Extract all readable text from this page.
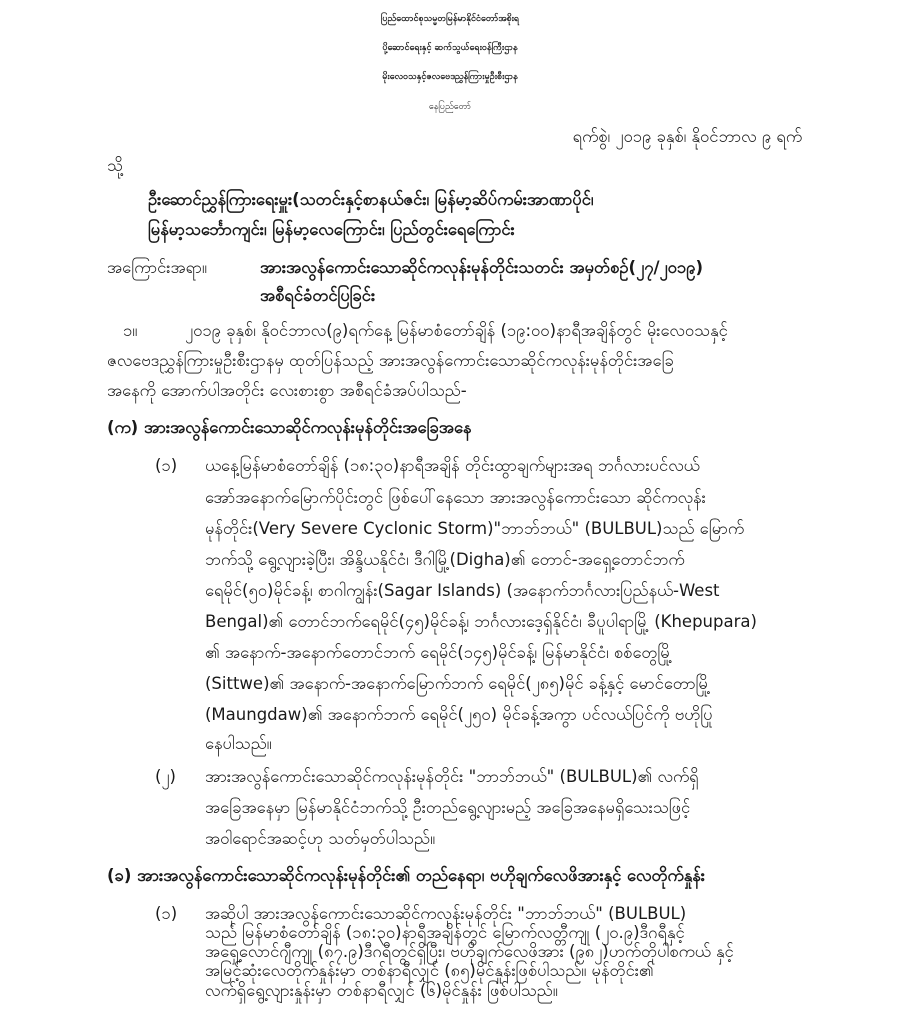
ပြည်ထောင်စုသမ္မတမြန်မာနိုင်ငံတော်အစိုးရ
ပို့ဆောင်ရေးနှင့် ဆက်သွယ်ရေးဝန်ကြီးဌာန
မိုးလေဝသနှင့်ဇလဗေဒညွှန်ကြားမှုဦးစီးဌာန
နေပြည်တော်
ရက်စွဲ၊ ၂၀၁၉ ခုနှစ်၊ နိုဝင်ဘာလ ၉ ရက်
သို့
ဦးဆောင်ညွှန်ကြားရေးမှူး(သတင်းနှင့်စာနယ်ဇင်း၊ မြန်မာ့ဆိပ်ကမ်းအာဏာပိုင်၊
မြန်မာ့သင်္ဘောကျင်း၊ မြန်မာ့လေကြောင်း၊ ပြည်တွင်းရေကြောင်း
အကြောင်းအရာ။	အားအလွန်ကောင်းသောဆိုင်ကလုန်းမုန်တိုင်းသတင်း အမှတ်စဉ်(၂၇/၂၀၁၉)
အစီရင်ခံတင်ပြခြင်း
၁။	၂၀၁၉ ခုနှစ်၊ နိုဝင်ဘာလ(၉)ရက်နေ့ မြန်မာစံတော်ချိန် (၁၉:၀၀)နာရီအချိန်တွင် မိုးလေဝသနှင့်
ဇလဗေဒညွှန်ကြားမှုဦးစီးဌာနမှ ထုတ်ပြန်သည့် အားအလွန်ကောင်းသောဆိုင်ကလုန်းမုန်တိုင်းအခြေ
အနေကို အောက်ပါအတိုင်း လေးစားစွာ အစီရင်ခံအပ်ပါသည်-
(က) အားအလွန်ကောင်းသောဆိုင်ကလုန်းမုန်တိုင်းအခြေအနေ
(၁) ယနေ့မြန်မာစံတော်ချိန် (၁၈:၃၀)နာရီအချိန် တိုင်းထွာချက်များအရ ဘင်္ဂလားပင်လယ်
အော်အနောက်မြောက်ပိုင်းတွင် ဖြစ်ပေါ်နေသော အားအလွန်ကောင်းသော ဆိုင်ကလုန်း
မုန်တိုင်း(Very Severe Cyclonic Storm)"ဘာဘ်ဘယ်" (BULBUL)သည် မြောက်
ဘက်သို့ ရွေ့လျားခဲ့ပြီး၊ အိန္ဒိယနိုင်ငံ၊ ဒီဂါမြို့(Digha)၏ တောင်-အရှေ့တောင်ဘက်
ရေမိုင်(၅၀)မိုင်ခန့်၊ စာဂါကျွန်း(Sagar Islands) (အနောက်ဘင်္ဂလားပြည်နယ်-West
Bengal)၏ တောင်ဘက်ရေမိုင်(၄၅)မိုင်ခန့်၊ ဘင်္ဂလားဒေ့ရှ်နိုင်ငံ၊ ခီပူပါရာမြို့ (Khepupara)
၏ အနောက်-အနောက်တောင်ဘက် ရေမိုင်(၁၄၅)မိုင်ခန့်၊ မြန်မာနိုင်ငံ၊ စစ်တွေမြို့
(Sittwe)၏ အနောက်-အနောက်မြောက်ဘက် ရေမိုင်(၂၈၅)မိုင် ခန့်နှင့် မောင်တောမြို့
(Maungdaw)၏ အနောက်ဘက် ရေမိုင်(၂၅၀) မိုင်ခန့်အကွာ ပင်လယ်ပြင်ကို ဗဟိုပြု
နေပါသည်။
(၂) အားအလွန်ကောင်းသောဆိုင်ကလုန်းမုန်တိုင်း "ဘာဘ်ဘယ်" (BULBUL)၏ လက်ရှိ
အခြေအနေမှာ မြန်မာနိုင်ငံဘက်သို့ ဦးတည်ရွေ့လျားမည့် အခြေအနေမရှိသေးသဖြင့်
အဝါရောင်အဆင့်ဟု သတ်မှတ်ပါသည်။
(ခ) အားအလွန်ကောင်းသောဆိုင်ကလုန်းမုန်တိုင်း၏ တည်နေရာ၊ ဗဟိုချက်လေဖိအားနှင့် လေတိုက်နှုန်း
(၁) အဆိုပါ အားအလွန်ကောင်းသောဆိုင်ကလုန်းမုန်တိုင်း "ဘာဘ်ဘယ်" (BULBUL)
သည် မြန်မာစံတော်ချိန် (၁၈:၃၀)နာရီအချိန်တွင် မြောက်လတ္တီကျု (၂၀.၉)ဒီဂရီနှင့်
အရှေ့လောင်ဂျီကျု (၈၇.၉)ဒီဂရီတွင်ရှိပြီး၊ ဗဟိုချက်လေဖိအား (၉၈၂)ဟက်တိုပါစကယ် နှင့်
အမြင့်ဆုံးလေတိုက်နှုန်းမှာ တစ်နာရီလျှင် (၈၅)မိုင်နှုန်းဖြစ်ပါသည်။ မုန်တိုင်း၏
လက်ရှိရွေ့လျားနှုန်းမှာ တစ်နာရီလျှင် (၆)မိုင်နှုန်း ဖြစ်ပါသည်။
